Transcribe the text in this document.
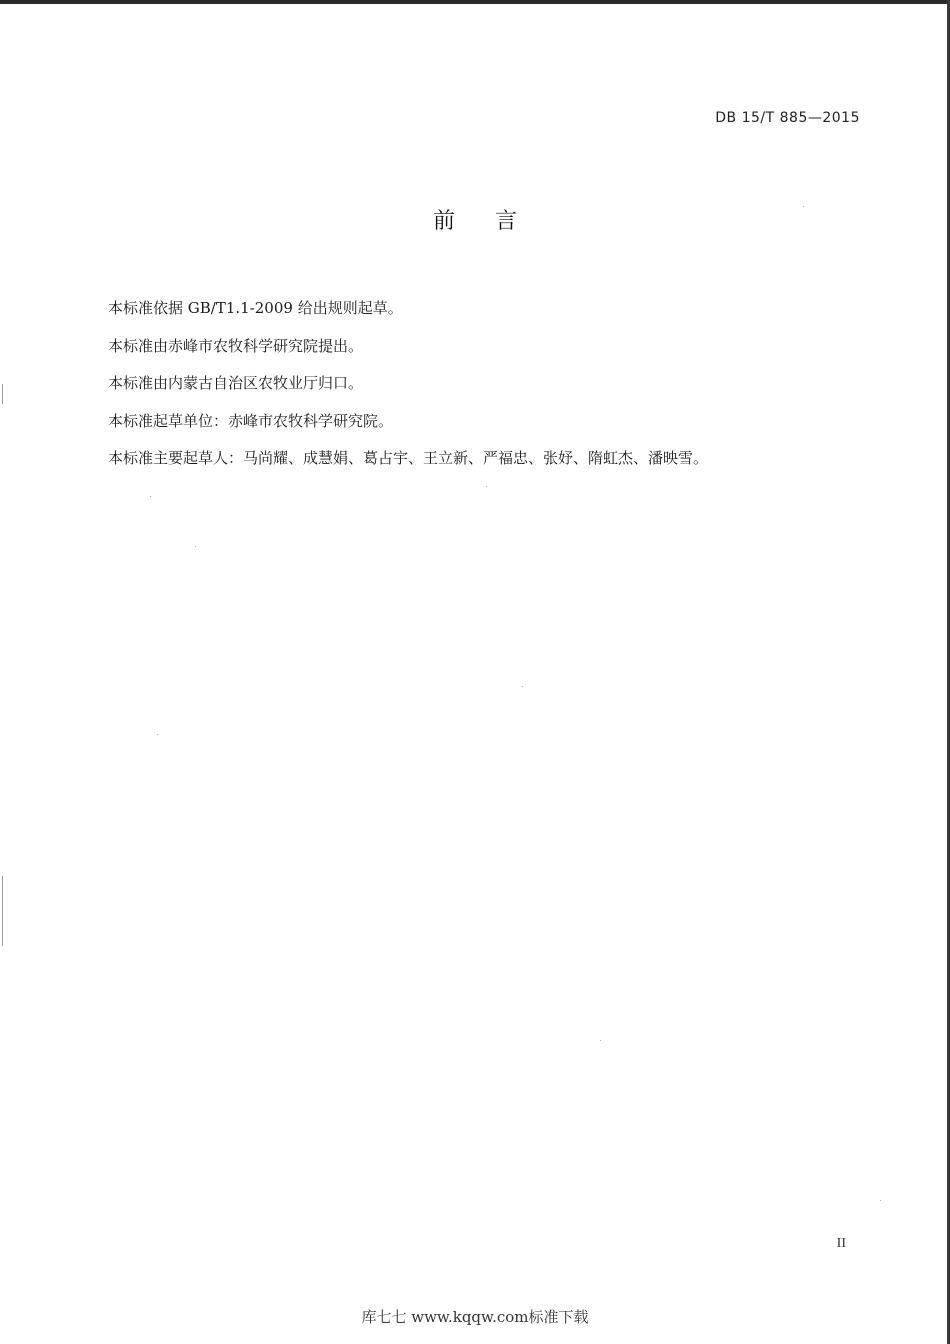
DB 15/T 885—2015
前言
本标准依据 GB/T1.1-2009 给出规则起草。
本标准由赤峰市农牧科学研究院提出。
本标准由内蒙古自治区农牧业厅归口。
本标准起草单位：赤峰市农牧科学研究院。
本标准主要起草人：马尚耀、成慧娟、葛占宇、王立新、严福忠、张妤、隋虹杰、潘映雪。
II
库七七 www.kqqw.com标准下载
